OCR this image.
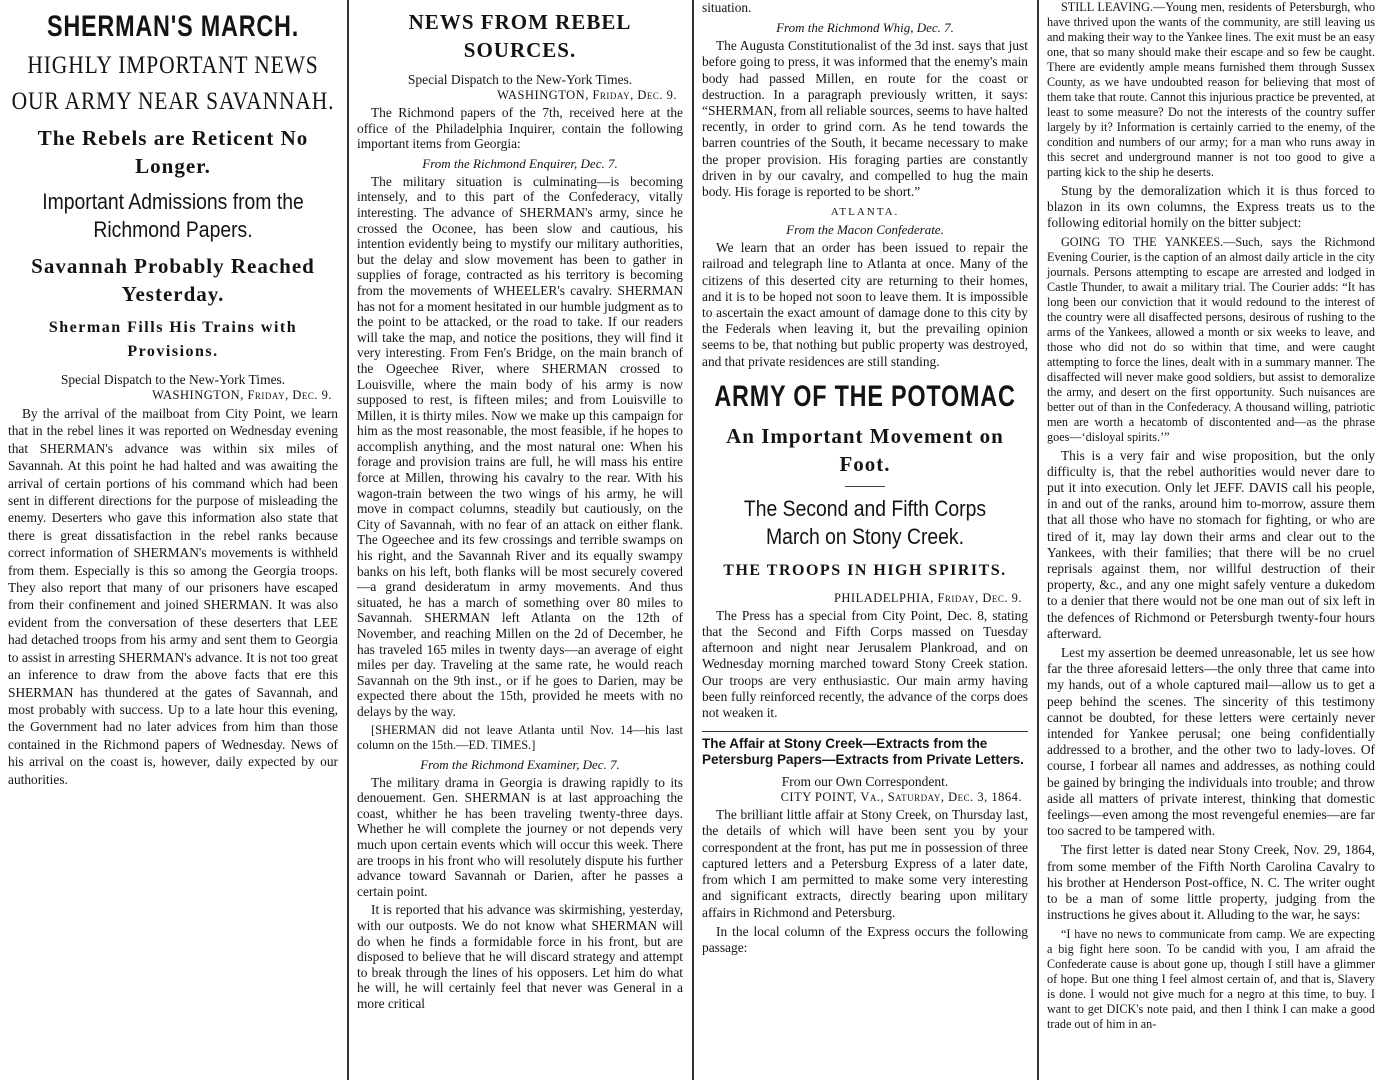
SHERMAN'S MARCH.
HIGHLY IMPORTANT NEWS
OUR ARMY NEAR SAVANNAH.
The Rebels are Reticent No Longer.
Important Admissions from the Richmond Papers.
Savannah Probably Reached Yesterday.
Sherman Fills His Trains with Provisions.
Special Dispatch to the New-York Times.
WASHINGTON, Friday, Dec. 9.
By the arrival of the mailboat from City Point, we learn that in the rebel lines it was reported on Wednesday evening that SHERMAN's advance was within six miles of Savannah. At this point he had halted and was awaiting the arrival of certain portions of his command which had been sent in different directions for the purpose of misleading the enemy. Deserters who gave this information also state that there is great dissatisfaction in the rebel ranks because correct information of SHERMAN's movements is withheld from them. Especially is this so among the Georgia troops. They also report that many of our prisoners have escaped from their confinement and joined SHERMAN. It was also evident from the conversation of these deserters that LEE had detached troops from his army and sent them to Georgia to assist in arresting SHERMAN's advance. It is not too great an inference to draw from the above facts that ere this SHERMAN has thundered at the gates of Savannah, and most probably with success. Up to a late hour this evening, the Government had no later advices from him than those contained in the Richmond papers of Wednesday. News of his arrival on the coast is, however, daily expected by our authorities.
NEWS FROM REBEL SOURCES.
Special Dispatch to the New-York Times.
WASHINGTON, Friday, Dec. 9.
The Richmond papers of the 7th, received here at the office of the Philadelphia Inquirer, contain the following important items from Georgia:
From the Richmond Enquirer, Dec. 7.
The military situation is culminating—is becoming intensely, and to this part of the Confederacy, vitally interesting. The advance of SHERMAN's army, since he crossed the Oconee, has been slow and cautious, his intention evidently being to mystify our military authorities, but the delay and slow movement has been to gather in supplies of forage, contracted as his territory is becoming from the movements of WHEELER's cavalry. SHERMAN has not for a moment hesitated in our humble judgment as to the point to be attacked, or the road to take. If our readers will take the map, and notice the positions, they will find it very interesting. From Fen's Bridge, on the main branch of the Ogeechee River, where SHERMAN crossed to Louisville, where the main body of his army is now supposed to rest, is fifteen miles; and from Louisville to Millen, it is thirty miles. Now we make up this campaign for him as the most reasonable, the most feasible, if he hopes to accomplish anything, and the most natural one: When his forage and provision trains are full, he will mass his entire force at Millen, throwing his cavalry to the rear. With his wagon-train between the two wings of his army, he will move in compact columns, steadily but cautiously, on the City of Savannah, with no fear of an attack on either flank. The Ogeechee and its few crossings and terrible swamps on his right, and the Savannah River and its equally swampy banks on his left, both flanks will be most securely covered—a grand desideratum in army movements. And thus situated, he has a march of something over 80 miles to Savannah. SHERMAN left Atlanta on the 12th of November, and reaching Millen on the 2d of December, he has traveled 165 miles in twenty days—an average of eight miles per day. Traveling at the same rate, he would reach Savannah on the 9th inst., or if he goes to Darien, may be expected there about the 15th, provided he meets with no delays by the way.
[SHERMAN did not leave Atlanta until Nov. 14—his last column on the 15th.—ED. TIMES.]
From the Richmond Examiner, Dec. 7.
The military drama in Georgia is drawing rapidly to its denouement. Gen. SHERMAN is at last approaching the coast, whither he has been traveling twenty-three days. Whether he will complete the journey or not depends very much upon certain events which will occur this week. There are troops in his front who will resolutely dispute his further advance toward Savannah or Darien, after he passes a certain point.
It is reported that his advance was skirmishing, yesterday, with our outposts. We do not know what SHERMAN will do when he finds a formidable force in his front, but are disposed to believe that he will discard strategy and attempt to break through the lines of his opposers. Let him do what he will, he will certainly feel that never was General in a more critical
situation.
From the Richmond Whig, Dec. 7.
The Augusta Constitutionalist of the 3d inst. says that just before going to press, it was informed that the enemy's main body had passed Millen, en route for the coast or destruction. In a paragraph previously written, it says: “SHERMAN, from all reliable sources, seems to have halted recently, in order to grind corn. As he tend towards the barren countries of the South, it became necessary to make the proper provision. His foraging parties are constantly driven in by our cavalry, and compelled to hug the main body. His forage is reported to be short.”
ATLANTA.
From the Macon Confederate.
We learn that an order has been issued to repair the railroad and telegraph line to Atlanta at once. Many of the citizens of this deserted city are returning to their homes, and it is to be hoped not soon to leave them. It is impossible to ascertain the exact amount of damage done to this city by the Federals when leaving it, but the prevailing opinion seems to be, that nothing but public property was destroyed, and that private residences are still standing.
ARMY OF THE POTOMAC
An Important Movement on Foot.
The Second and Fifth Corps March on Stony Creek.
THE TROOPS IN HIGH SPIRITS.
PHILADELPHIA, Friday, Dec. 9.
The Press has a special from City Point, Dec. 8, stating that the Second and Fifth Corps massed on Tuesday afternoon and night near Jerusalem Plankroad, and on Wednesday morning marched toward Stony Creek station. Our troops are very enthusiastic. Our main army having been fully reinforced recently, the advance of the corps does not weaken it.
The Affair at Stony Creek—Extracts from the Petersburg Papers—Extracts from Private Letters.
From our Own Correspondent.
CITY POINT, Va., Saturday, Dec. 3, 1864.
The brilliant little affair at Stony Creek, on Thursday last, the details of which will have been sent you by your correspondent at the front, has put me in possession of three captured letters and a Petersburg Express of a later date, from which I am permitted to make some very interesting and significant extracts, directly bearing upon military affairs in Richmond and Petersburg.
In the local column of the Express occurs the following passage:
STILL LEAVING.—Young men, residents of Petersburgh, who have thrived upon the wants of the community, are still leaving us and making their way to the Yankee lines. The exit must be an easy one, that so many should make their escape and so few be caught. There are evidently ample means furnished them through Sussex County, as we have undoubted reason for believing that most of them take that route. Cannot this injurious practice be prevented, at least to some measure? Do not the interests of the country suffer largely by it? Information is certainly carried to the enemy, of the condition and numbers of our army; for a man who runs away in this secret and underground manner is not too good to give a parting kick to the ship he deserts.
Stung by the demoralization which it is thus forced to blazon in its own columns, the Express treats us to the following editorial homily on the bitter subject:
GOING TO THE YANKEES.—Such, says the Richmond Evening Courier, is the caption of an almost daily article in the city journals. Persons attempting to escape are arrested and lodged in Castle Thunder, to await a military trial. The Courier adds: “It has long been our conviction that it would redound to the interest of the country were all disaffected persons, desirous of rushing to the arms of the Yankees, allowed a month or six weeks to leave, and those who did not do so within that time, and were caught attempting to force the lines, dealt with in a summary manner. The disaffected will never make good soldiers, but assist to demoralize the army, and desert on the first opportunity. Such nuisances are better out of than in the Confederacy. A thousand willing, patriotic men are worth a hecatomb of discontented and—as the phrase goes—‘disloyal spirits.’”
This is a very fair and wise proposition, but the only difficulty is, that the rebel authorities would never dare to put it into execution. Only let JEFF. DAVIS call his people, in and out of the ranks, around him to-morrow, assure them that all those who have no stomach for fighting, or who are tired of it, may lay down their arms and clear out to the Yankees, with their families; that there will be no cruel reprisals against them, nor willful destruction of their property, &c., and any one might safely venture a dukedom to a denier that there would not be one man out of six left in the defences of Richmond or Petersburgh twenty-four hours afterward.
Lest my assertion be deemed unreasonable, let us see how far the three aforesaid letters—the only three that came into my hands, out of a whole captured mail—allow us to get a peep behind the scenes. The sincerity of this testimony cannot be doubted, for these letters were certainly never intended for Yankee perusal; one being confidentially addressed to a brother, and the other two to lady-loves. Of course, I forbear all names and addresses, as nothing could be gained by bringing the individuals into trouble; and throw aside all matters of private interest, thinking that domestic feelings—even among the most revengeful enemies—are far too sacred to be tampered with.
The first letter is dated near Stony Creek, Nov. 29, 1864, from some member of the Fifth North Carolina Cavalry to his brother at Henderson Post-office, N. C. The writer ought to be a man of some little property, judging from the instructions he gives about it. Alluding to the war, he says:
“I have no news to communicate from camp. We are expecting a big fight here soon. To be candid with you, I am afraid the Confederate cause is about gone up, though I still have a glimmer of hope. But one thing I feel almost certain of, and that is, Slavery is done. I would not give much for a negro at this time, to buy. I want to get DICK's note paid, and then I think I can make a good trade out of him in an-
